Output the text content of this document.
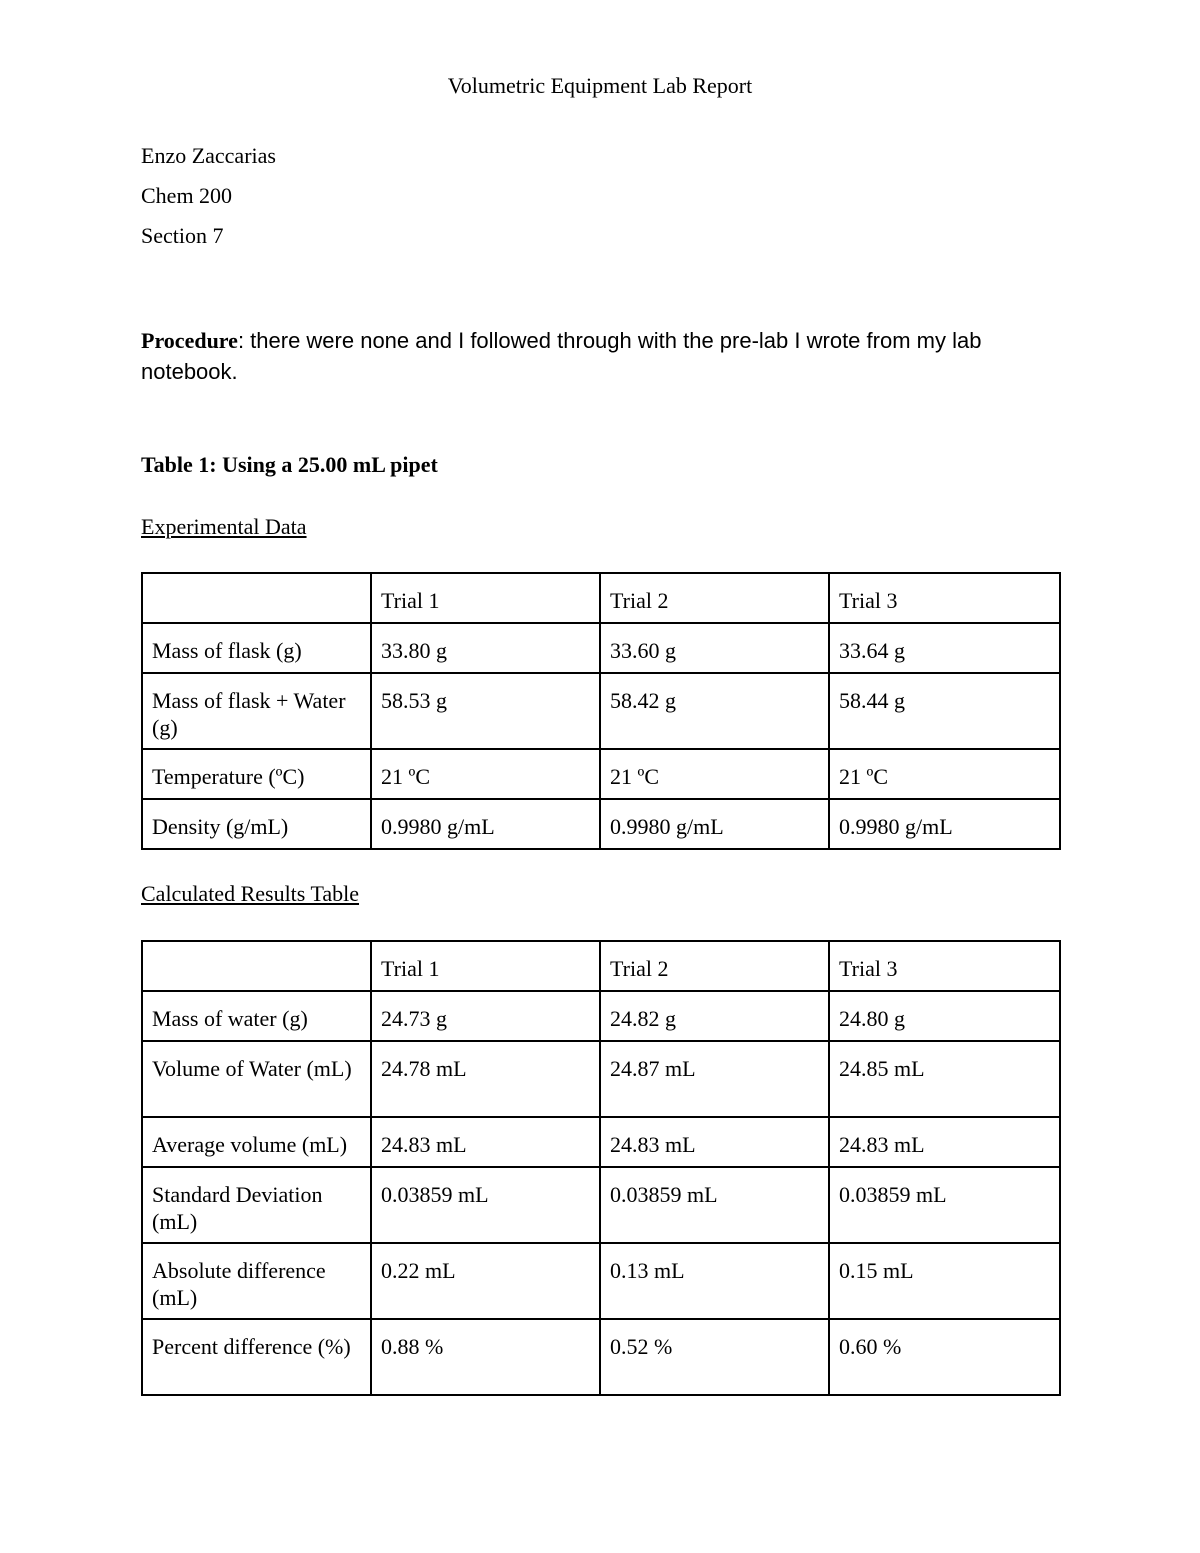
Volumetric Equipment Lab Report
Enzo Zaccarias
Chem 200
Section 7
Procedure: there were none and I followed through with the pre-lab I wrote from my lab notebook.
Table 1: Using a 25.00 mL pipet
Experimental Data
	Trial 1	Trial 2	Trial 3
Mass of flask (g)	33.80 g	33.60 g	33.64 g
Mass of flask + Water (g)	58.53 g	58.42 g	58.44 g
Temperature (ºC)	21 ºC	21 ºC	21 ºC
Density (g/mL)	0.9980 g/mL	0.9980 g/mL	0.9980 g/mL
Calculated Results Table
	Trial 1	Trial 2	Trial 3
Mass of water (g)	24.73 g	24.82 g	24.80 g
Volume of Water (mL)	24.78 mL	24.87 mL	24.85 mL
Average volume (mL)	24.83 mL	24.83 mL	24.83 mL
Standard Deviation (mL)	0.03859 mL	0.03859 mL	0.03859 mL
Absolute difference (mL)	0.22 mL	0.13 mL	0.15 mL
Percent difference (%)	0.88 %	0.52 %	0.60 %
